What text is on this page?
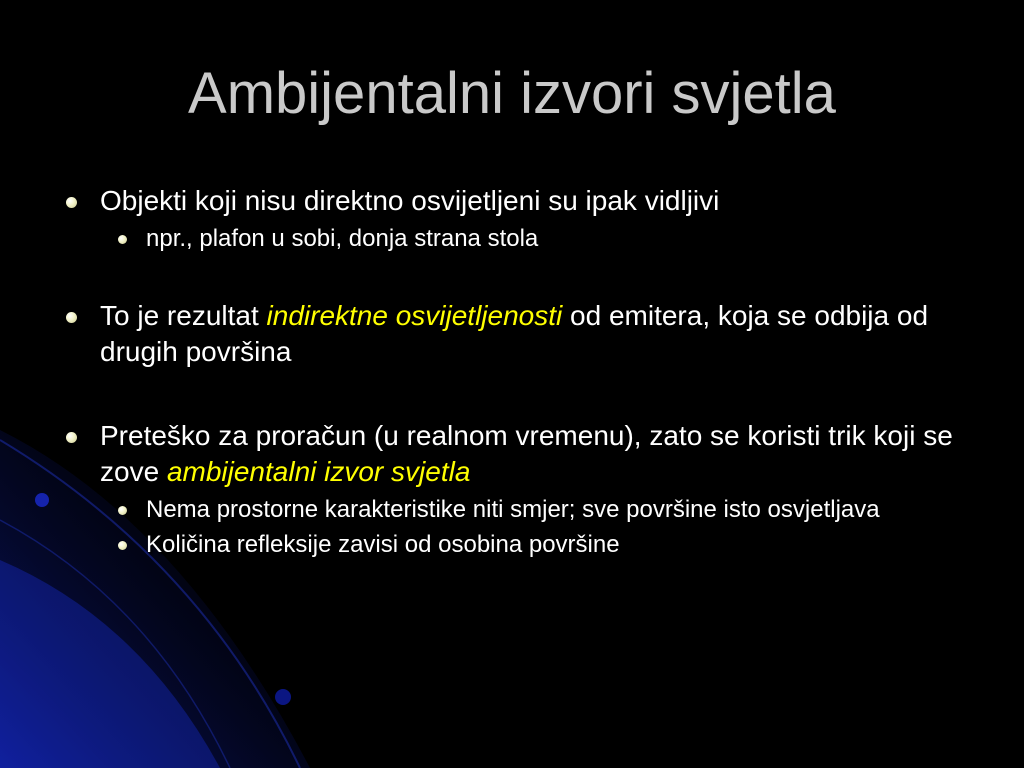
Ambijentalni izvori svjetla
Objekti koji nisu direktno osvijetljeni su ipak vidljivi
npr., plafon u sobi, donja strana stola
To je rezultat indirektne osvijetljenosti od emitera, koja se odbija od drugih površina
Preteško za proračun (u realnom vremenu), zato se koristi trik koji se zove ambijentalni izvor svjetla
Nema prostorne karakteristike niti smjer; sve površine isto osvjetljava
Količina refleksije zavisi od osobina površine
